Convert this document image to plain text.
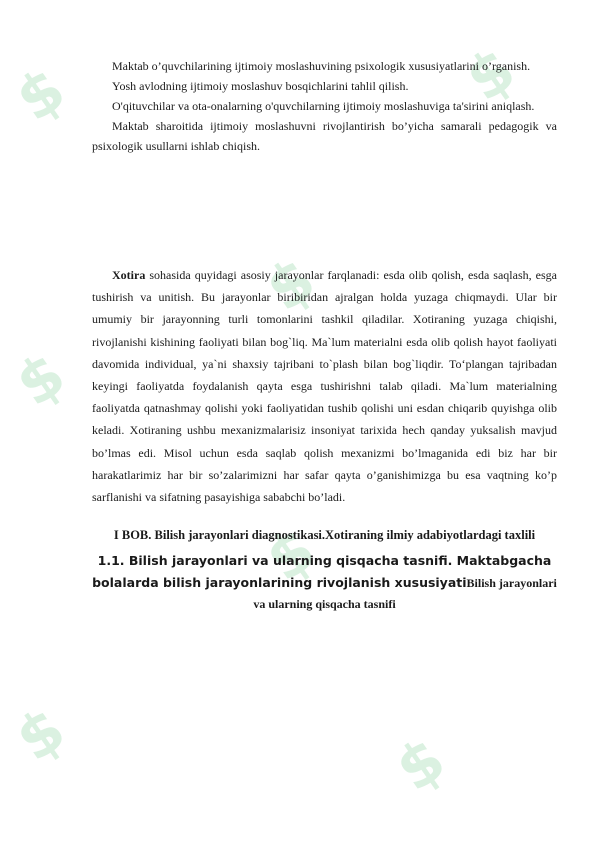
$
$
$
$
$
$
$

Maktab o’quvchilarining ijtimoiy moslashuvining psixologik xususiyatlarini o’rganish.

Yosh avlodning ijtimoiy moslashuv bosqichlarini tahlil qilish.

O'qituvchilar va ota-onalarning o'quvchilarning ijtimoiy moslashuviga ta'sirini aniqlash.

Maktab sharoitida ijtimoiy moslashuvni rivojlantirish bo’yicha samarali pedagogik va psixologik usullarni ishlab chiqish.

Xotira sohasida quyidagi asosiy jarayonlar farqlanadi: esda olib qolish, esda saqlash, esga tushirish va unitish. Bu jarayonlar biribiridan ajralgan holda yuzaga chiqmaydi. Ular bir umumiy bir jarayonning turli tomonlarini tashkil qiladilar. Xotiraning yuzaga chiqishi, rivojlanishi kishining faoliyati bilan bog`liq. Ma`lum materialni esda olib qolish hayot faoliyati davomida individual, ya`ni shaxsiy tajribani to`plash bilan bog`liqdir. To‘plangan tajribadan keyingi faoliyatda foydalanish qayta esga tushirishni talab qiladi. Ma`lum materialning faoliyatda qatnashmay qolishi yoki faoliyatidan tushib qolishi uni esdan chiqarib quyishga olib keladi. Xotiraning ushbu mexanizmalarisiz insoniyat tarixida hech qanday yuksalish mavjud bo’lmas edi. Misol uchun esda saqlab qolish mexanizmi bo’lmaganida edi biz har bir harakatlarimiz har bir so’zalarimizni har safar qayta o’ganishimizga bu esa vaqtning ko’p sarflanishi va sifatning pasayishiga sababchi bo’ladi.

I BOB. Bilish jarayonlari diagnostikasi.Xotiraning ilmiy adabiyotlardagi taxlili
1.1. Bilish jarayonlari va ularning qisqacha tasnifi. Maktabgacha bolalarda bilish jarayonlarining rivojlanish xususiyatiBilish jarayonlari va ularning qisqacha tasnifi
